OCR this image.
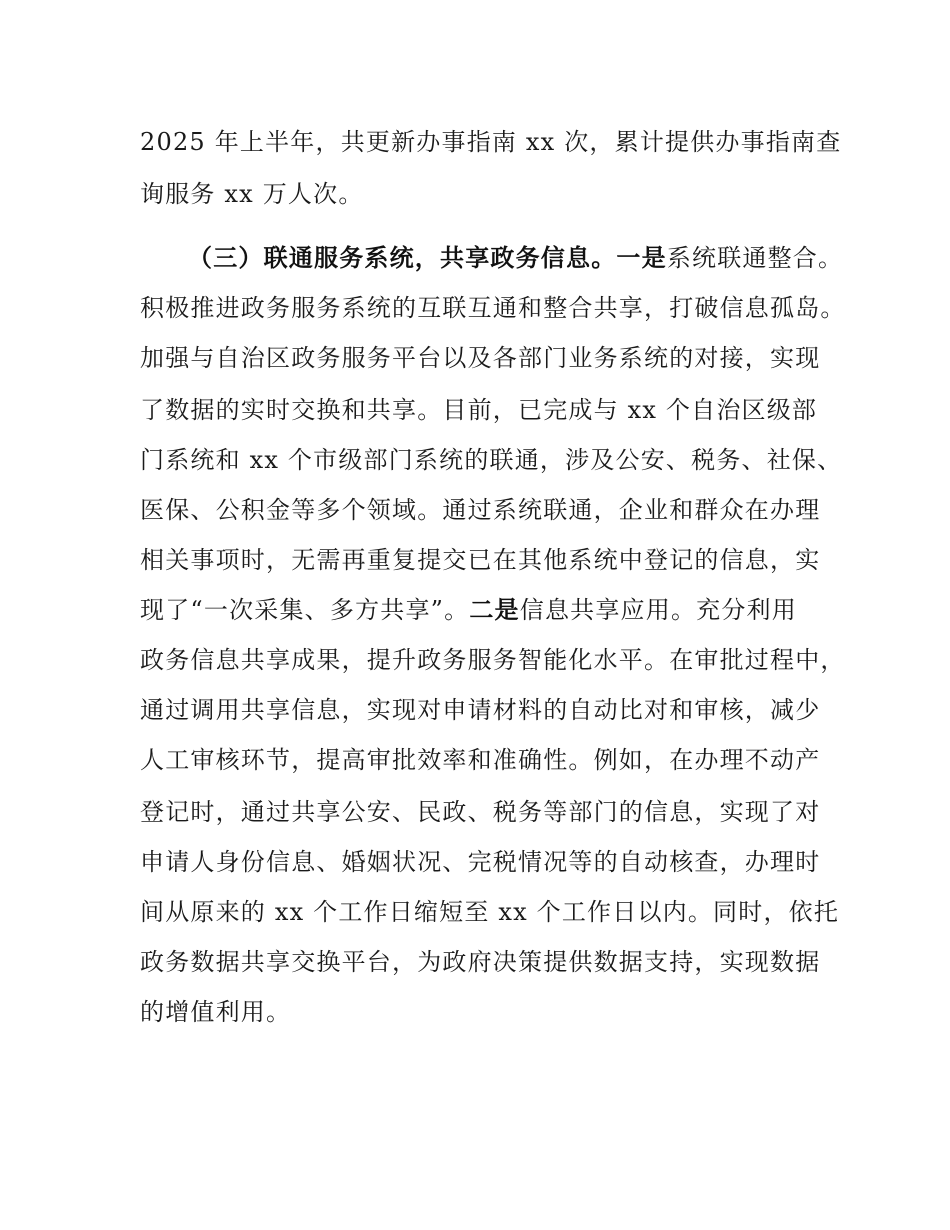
2025 年上半年，共更新办事指南 xx 次，累计提供办事指南查
询服务 xx 万人次。
（三）联通服务系统，共享政务信息。一是系统联通整合。
积极推进政务服务系统的互联互通和整合共享，打破信息孤岛。
加强与自治区政务服务平台以及各部门业务系统的对接，实现
了数据的实时交换和共享。目前，已完成与 xx 个自治区级部
门系统和 xx 个市级部门系统的联通，涉及公安、税务、社保、
医保、公积金等多个领域。通过系统联通，企业和群众在办理
相关事项时，无需再重复提交已在其他系统中登记的信息，实
现了“一次采集、多方共享”。二是信息共享应用。充分利用
政务信息共享成果，提升政务服务智能化水平。在审批过程中，
通过调用共享信息，实现对申请材料的自动比对和审核，减少
人工审核环节，提高审批效率和准确性。例如，在办理不动产
登记时，通过共享公安、民政、税务等部门的信息，实现了对
申请人身份信息、婚姻状况、完税情况等的自动核查，办理时
间从原来的 xx 个工作日缩短至 xx 个工作日以内。同时，依托
政务数据共享交换平台，为政府决策提供数据支持，实现数据
的增值利用。
